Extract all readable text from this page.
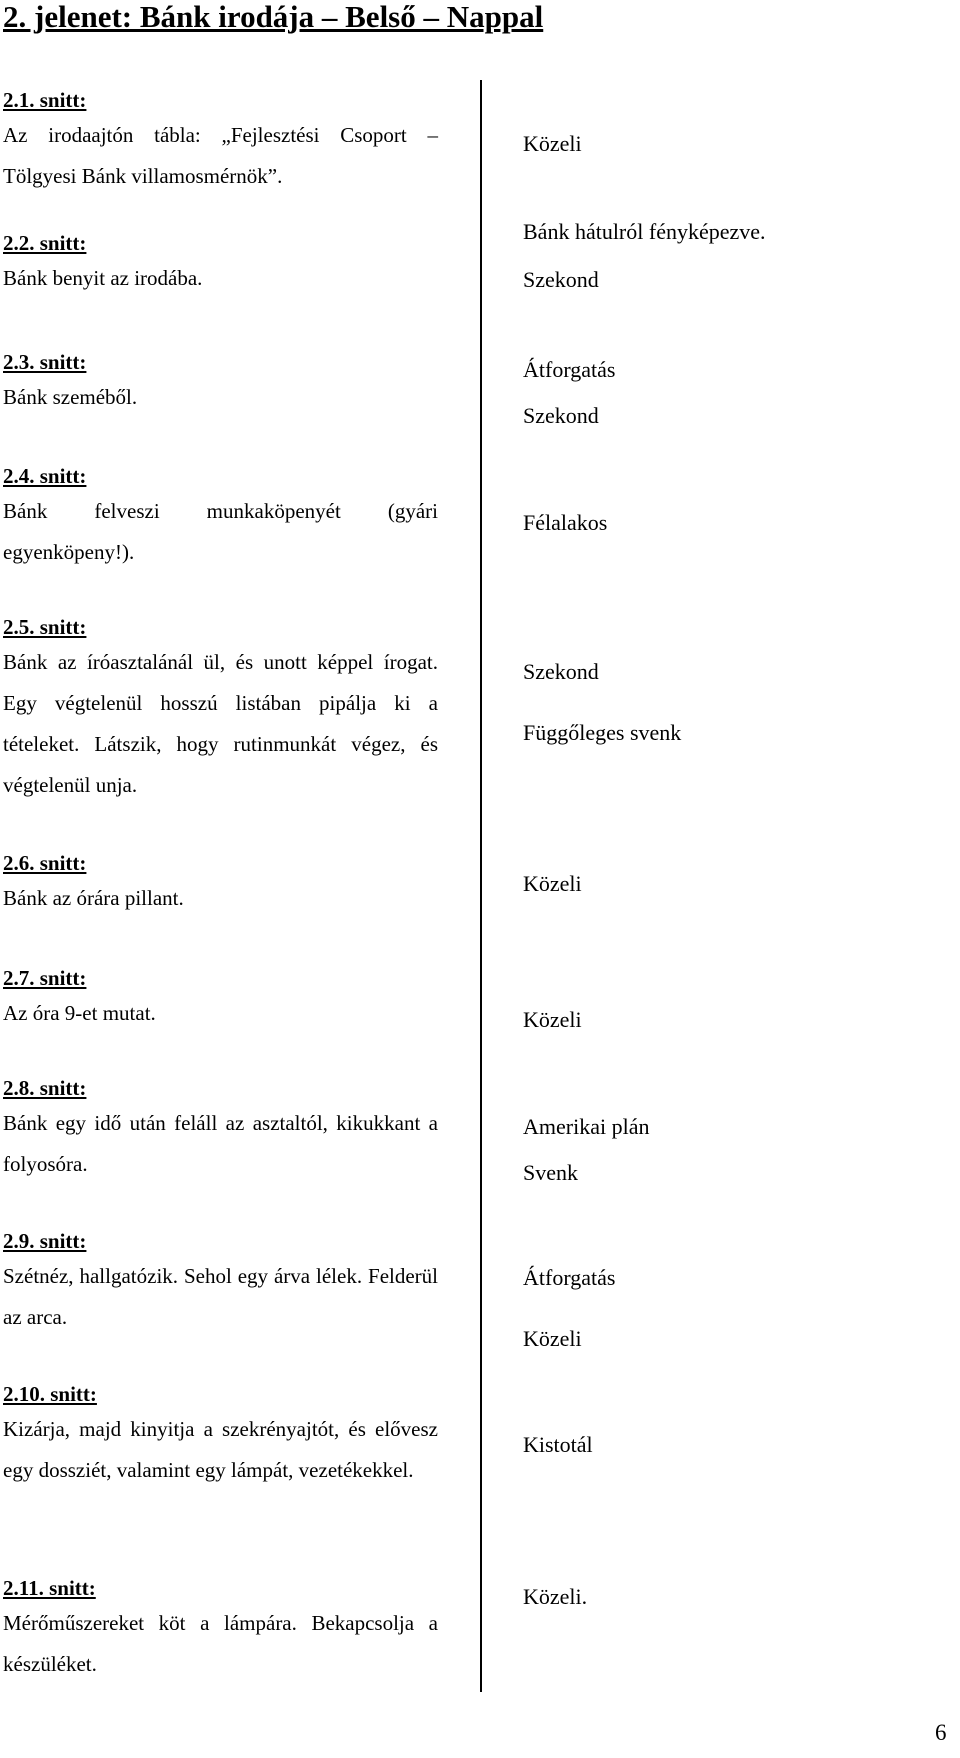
2. jelenet: Bánk irodája – Belső – Nappal
2.1. snitt:
Az irodaajtón tábla: „Fejlesztési Csoport – Tölgyesi Bánk villamosmérnök”.
2.2. snitt:
Bánk benyit az irodába.
2.3. snitt:
Bánk szeméből.
2.4. snitt:
Bánk felveszi munkaköpenyét (gyári egyenköpeny!).
2.5. snitt:
Bánk az íróasztalánál ül, és unott képpel írogat. Egy végtelenül hosszú listában pipálja ki a tételeket. Látszik, hogy rutinmunkát végez, és végtelenül unja.
2.6. snitt:
Bánk az órára pillant.
2.7. snitt:
Az óra 9-et mutat.
2.8. snitt:
Bánk egy idő után feláll az asztaltól, kikukkant a folyosóra.
2.9. snitt:
Szétnéz, hallgatózik. Sehol egy árva lélek. Felderül az arca.
2.10. snitt:
Kizárja, majd kinyitja a szekrényajtót, és elővesz egy dossziét, valamint egy lámpát, vezetékekkel.
2.11. snitt:
Mérőműszereket köt a lámpára. Bekapcsolja a készüléket.
Közeli
Bánk hátulról fényképezve.
Szekond
Átforgatás
Szekond
Félalakos
Szekond
Függőleges svenk
Közeli
Közeli
Amerikai plán
Svenk
Átforgatás
Közeli
Kistotál
Közeli.
6
